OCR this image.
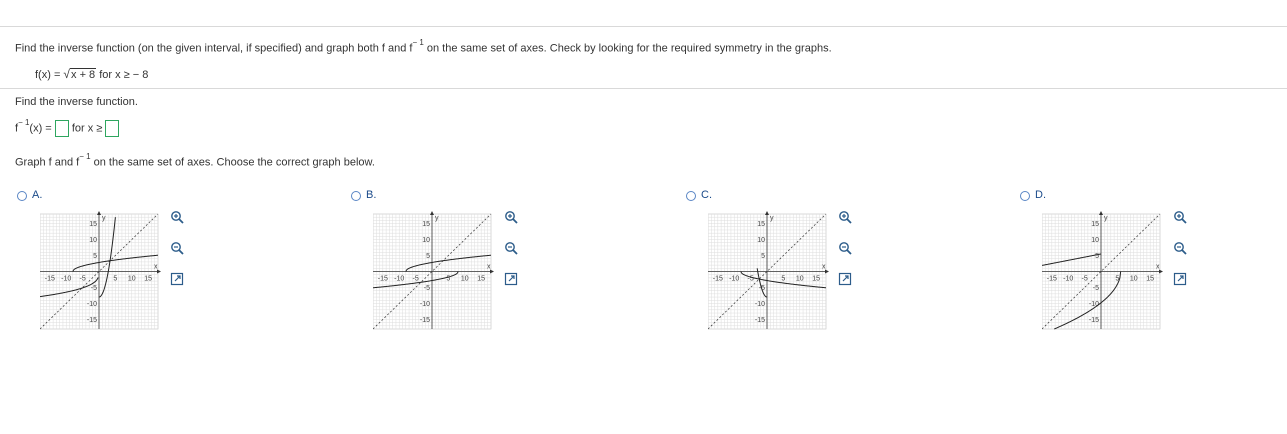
Find the inverse function (on the given interval, if specified) and graph both f and $f^{- 1}$ on the same set of axes. Check by looking for the required symmetry in the graphs.
f(x) = √x + 8 for x ≥ − 8
Find the inverse function.
$f^{- 1}(x)$ =  for x ≥
Graph f and $f^{- 1}$ on the same set of axes. Choose the correct graph below.
A.
-15 -10 -5	5 10 15
15
10
5
-5
-10
-15
x
y
B.
-15 -10 -5	5 10 15
15
10
5
-5
-10
-15
x
y
C.
-15 -10 -5	5 10 15
15
10
5
-5
-10
-15
x
y
D.
-15 -10 -5	5 10 15
15
10
5
-5
-10
-15
x
y
